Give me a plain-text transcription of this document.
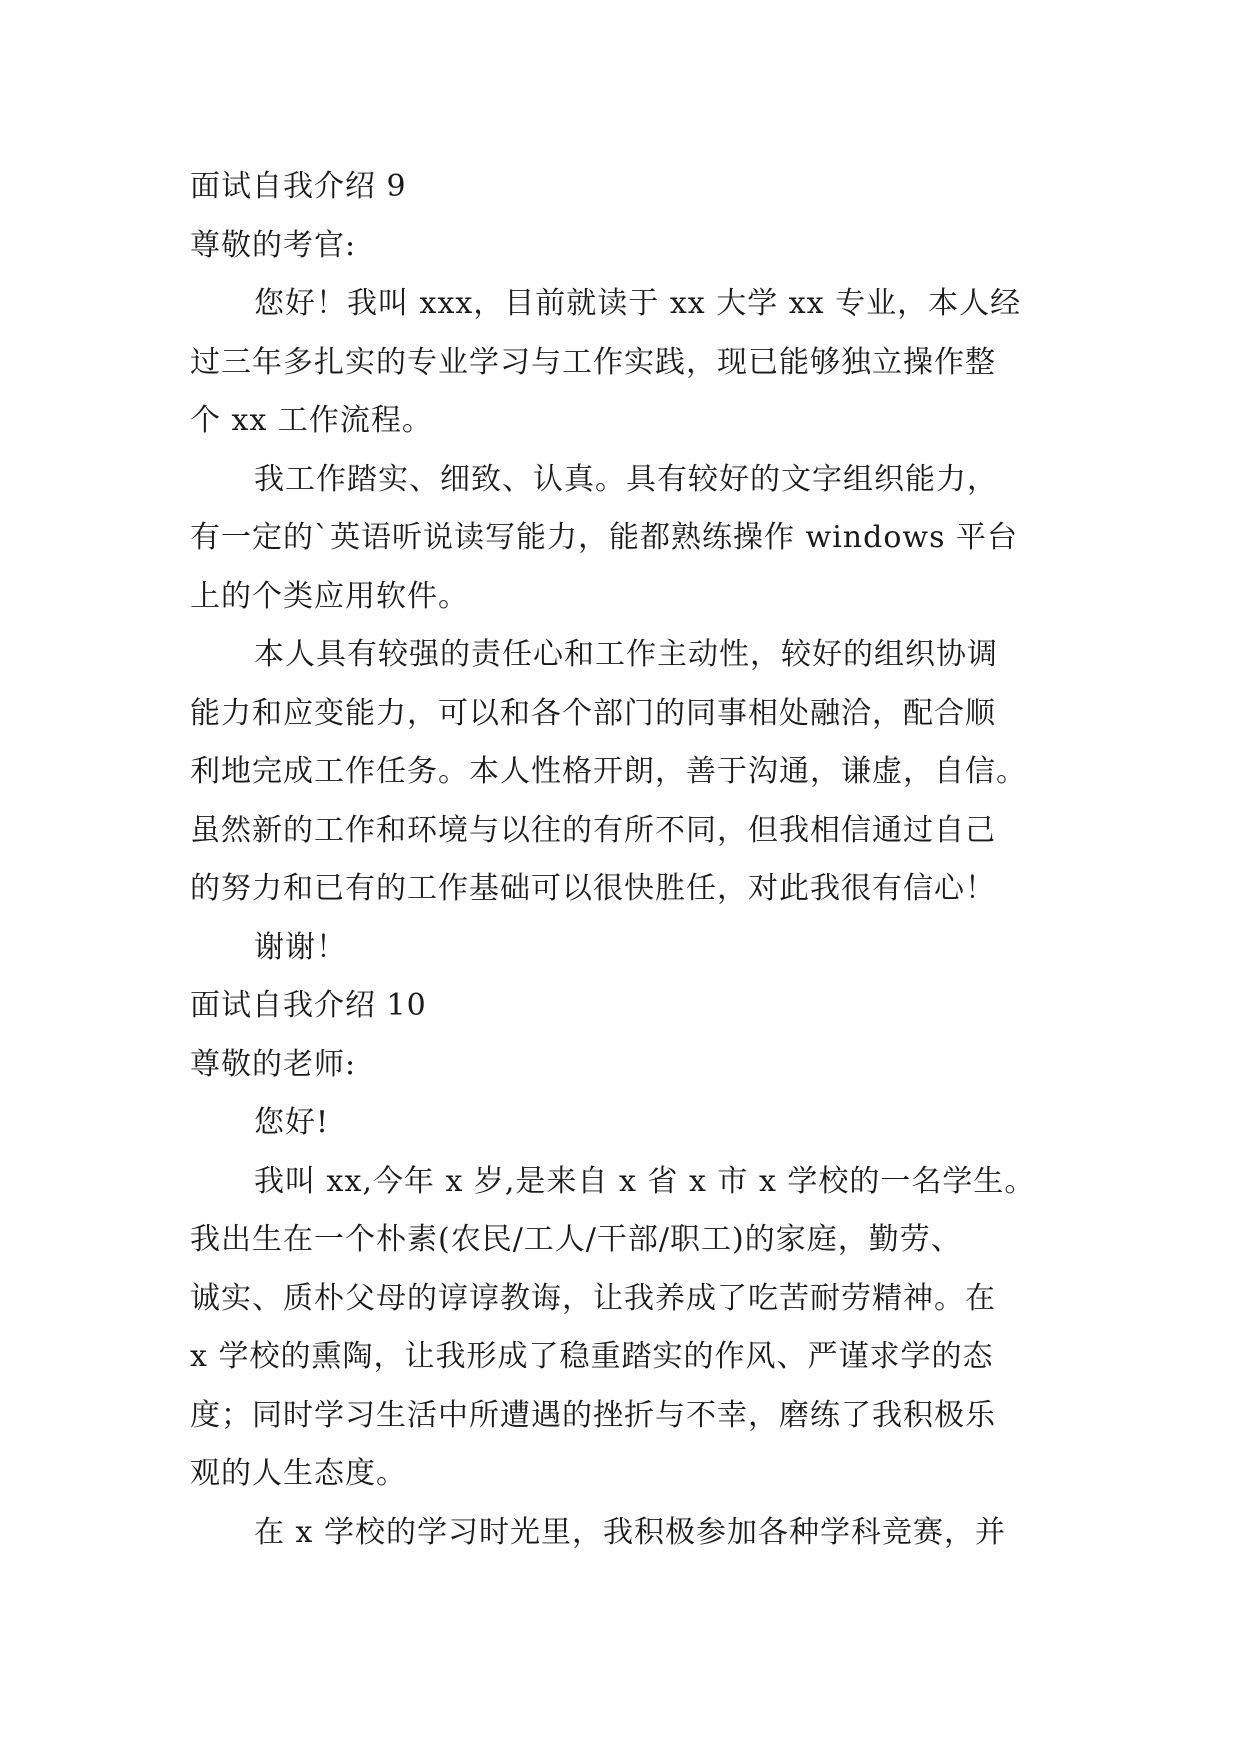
面试自我介绍 9
尊敬的考官:
您好！我叫 xxx，目前就读于 xx 大学 xx 专业，本人经
过三年多扎实的专业学习与工作实践，现已能够独立操作整
个 xx 工作流程。
我工作踏实、细致、认真。具有较好的文字组织能力，
有一定的`英语听说读写能力，能都熟练操作 windows 平台
上的个类应用软件。
本人具有较强的责任心和工作主动性，较好的组织协调
能力和应变能力，可以和各个部门的同事相处融洽，配合顺
利地完成工作任务。本人性格开朗，善于沟通，谦虚，自信。
虽然新的工作和环境与以往的有所不同，但我相信通过自己
的努力和已有的工作基础可以很快胜任，对此我很有信心！
谢谢！
面试自我介绍 10
尊敬的老师:
您好!
我叫 xx,今年 x 岁,是来自 x 省 x 市 x 学校的一名学生。
我出生在一个朴素(农民/工人/干部/职工)的家庭，勤劳、
诚实、质朴父母的谆谆教诲，让我养成了吃苦耐劳精神。在
x 学校的熏陶，让我形成了稳重踏实的作风、严谨求学的态
度；同时学习生活中所遭遇的挫折与不幸，磨练了我积极乐
观的人生态度。
在 x 学校的学习时光里，我积极参加各种学科竞赛，并
